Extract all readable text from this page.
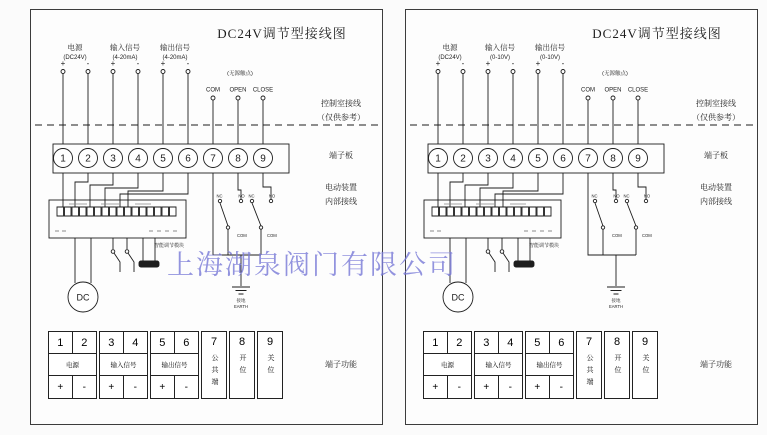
+	-	+	-	+	-
COM OPEN CLOSE
1 2 3 4 5 6 7 8 9
智能调节模块
DC
NC	NO NC	NO
COM	COM
接地
EARTH
DC24V调节型接线图
电源
(DC24V)
输入信号
(4-20mA)
输出信号
(4-20mA)
(无源触点)
控制室接线
（仅供参考）
端子板
电动装置
内部接线
端子功能
1	2
电源
+	-
3	4
输入信号
+	-
5	6
输出信号
+	-
7
公共端
8
开位
9
关位
+	-	+	-	+	-
COM OPEN CLOSE
1 2 3 4 5 6 7 8 9
智能调节模块
DC
NC	NO NC	NO
COM	COM
接地
EARTH
DC24V调节型接线图
电源
(DC24V)
输入信号
(0-10V)
输出信号
(0-10V)
(无源触点)
控制室接线
（仅供参考）
端子板
电动装置
内部接线
端子功能
1	2
电源
+	-
3	4
输入信号
+	-
5	6
输出信号
+	-
7
公共端
8
开位
9
关位
上海湖泉阀门有限公司
